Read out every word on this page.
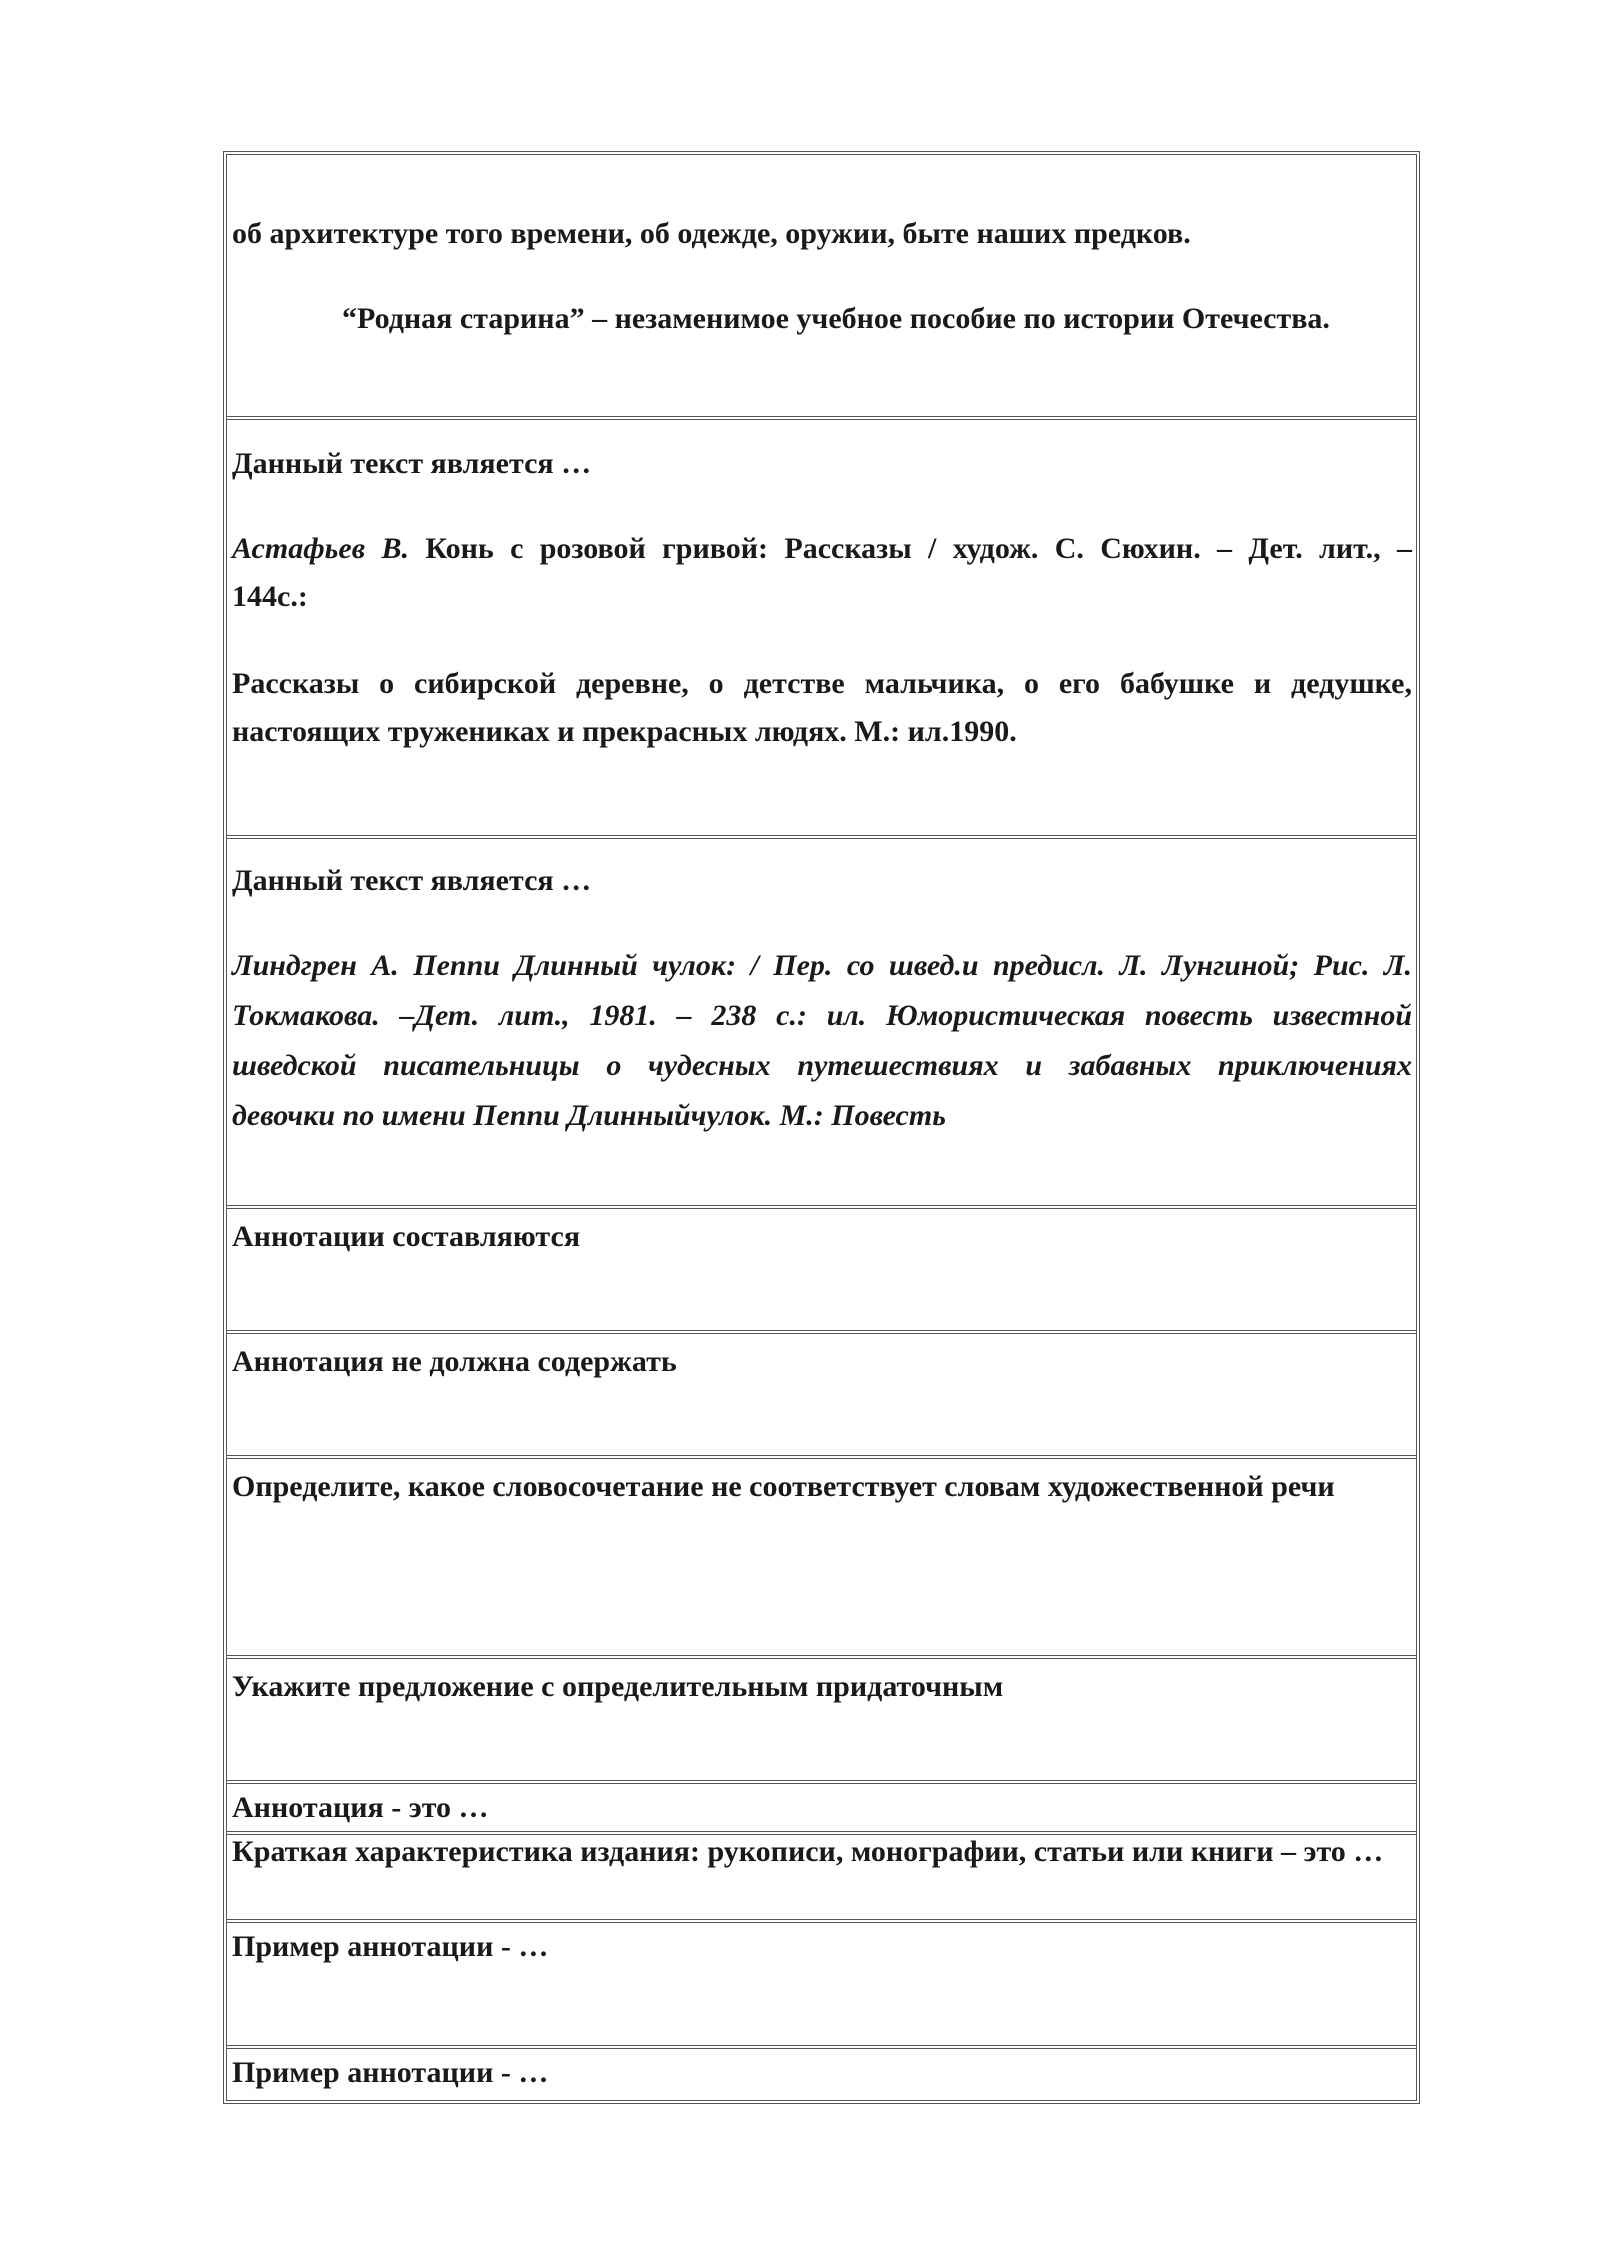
об архитектуре того времени, об одежде, оружии, быте наших предков.
“Родная старина” – незаменимое учебное пособие по истории Отечества.
Данный текст является …
Астафьев В. Конь с розовой гривой: Рассказы / худож. С. Сюхин. – Дет. лит., –
144с.:
Рассказы о сибирской деревне, о детстве мальчика, о его бабушке и дедушке,
настоящих тружениках и прекрасных людях. М.: ил.1990.
Данный текст является …
Линдгрен А. Пеппи Длинный чулок: / Пер. со швед.и предисл. Л. Лунгиной; Рис. Л.
Токмакова. –Дет. лит., 1981. – 238 с.: ил. Юмористическая повесть известной
шведской писательницы о чудесных путешествиях и забавных приключениях
девочки по имени Пеппи Длинныйчулок. М.: Повесть
Аннотации составляются
Аннотация не должна содержать
Определите, какое словосочетание не соответствует словам художественной речи
Укажите предложение с определительным придаточным
Аннотация - это …
Краткая характеристика издания: рукописи, монографии, статьи или книги – это …
Пример аннотации - …
Пример аннотации - …
